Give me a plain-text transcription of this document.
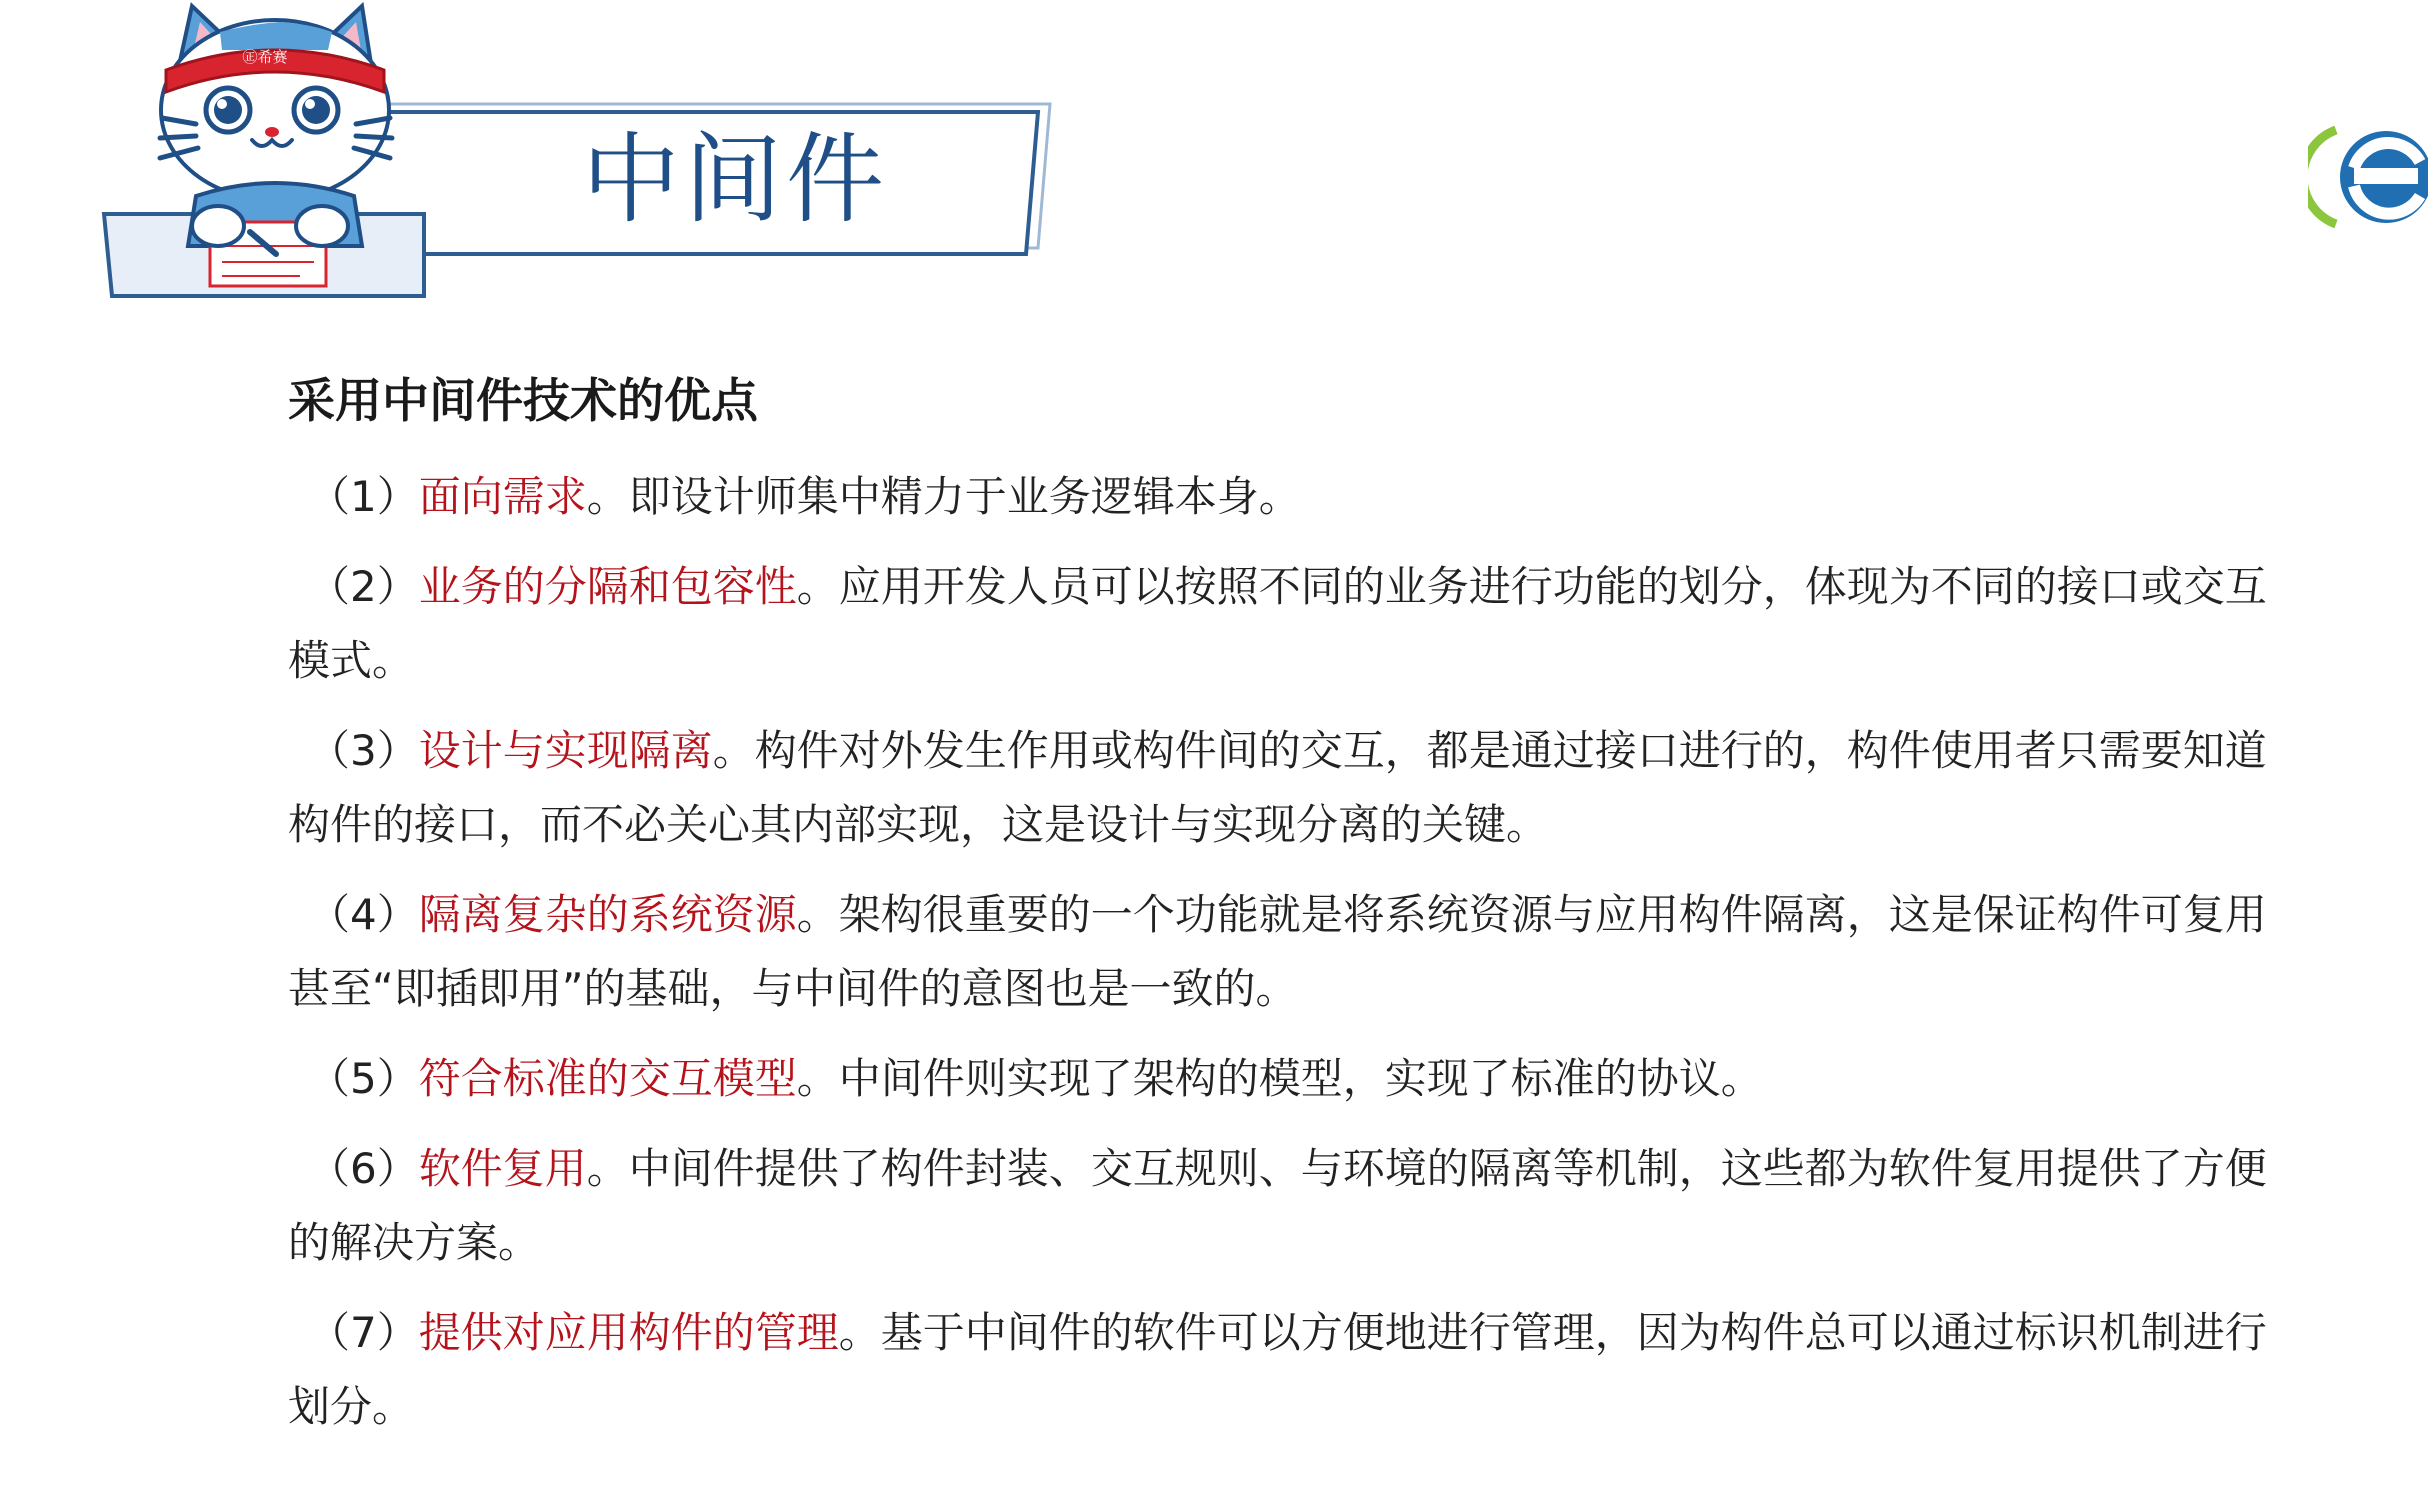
中间件
㊣希赛
采用中间件技术的优点
（1）面向需求。即设计师集中精力于业务逻辑本身。
（2）业务的分隔和包容性。应用开发人员可以按照不同的业务进行功能的划分，体现为不同的接口或交互模式。
（3）设计与实现隔离。构件对外发生作用或构件间的交互，都是通过接口进行的，构件使用者只需要知道构件的接口，而不必关心其内部实现，这是设计与实现分离的关键。
（4）隔离复杂的系统资源。架构很重要的一个功能就是将系统资源与应用构件隔离，这是保证构件可复用甚至“即插即用”的基础，与中间件的意图也是一致的。
（5）符合标准的交互模型。中间件则实现了架构的模型，实现了标准的协议。
（6）软件复用。中间件提供了构件封装、交互规则、与环境的隔离等机制，这些都为软件复用提供了方便的解决方案。
（7）提供对应用构件的管理。基于中间件的软件可以方便地进行管理，因为构件总可以通过标识机制进行划分。
